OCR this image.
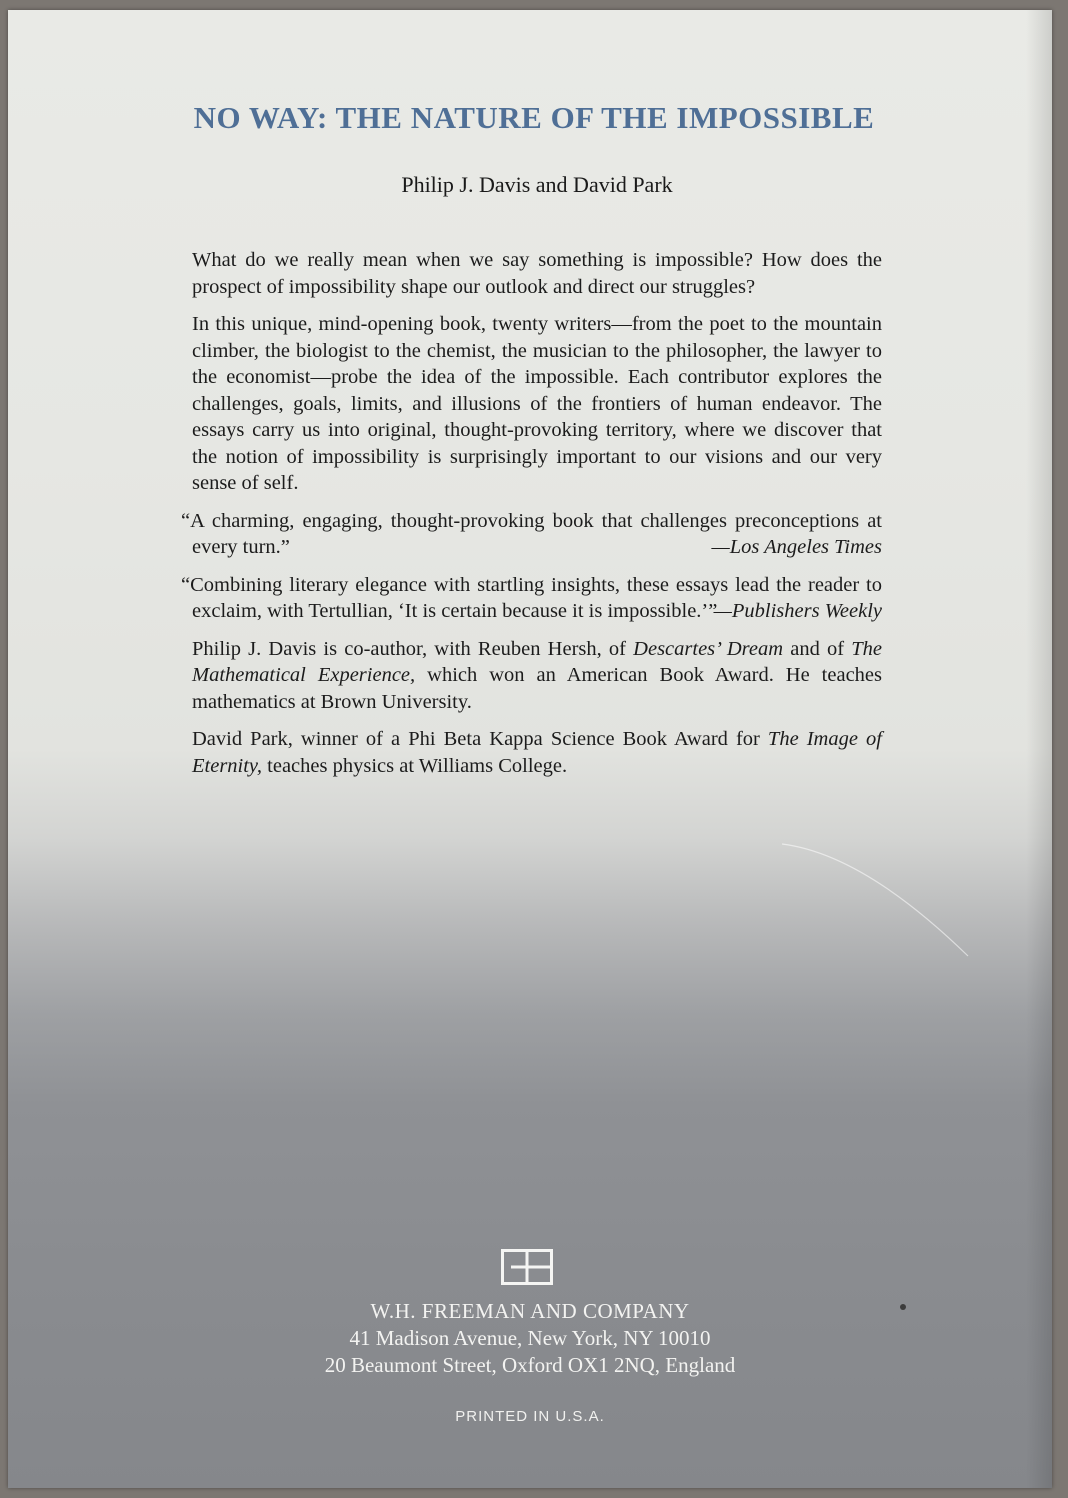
NO WAY: THE NATURE OF THE IMPOSSIBLE

Philip J. Davis and David Park

What do we really mean when we say something is impossible? How does the prospect of impossibility shape our outlook and direct our struggles?

In this unique, mind-opening book, twenty writers—from the poet to the mountain climber, the biologist to the chemist, the musician to the philosopher, the lawyer to the economist—probe the idea of the impossible. Each contributor explores the challenges, goals, limits, and illusions of the frontiers of human endeavor. The essays carry us into original, thought-provoking territory, where we discover that the notion of impossibility is surprisingly important to our visions and our very sense of self.

“A charming, engaging, thought-provoking book that challenges preconceptions at every turn.”	—Los Angeles Times

“Combining literary elegance with startling insights, these essays lead the reader to exclaim, with Tertullian, ‘It is certain because it is impossible.’”
—Publishers Weekly

Philip J. Davis is co-author, with Reuben Hersh, of Descartes’ Dream and of The Mathematical Experience, which won an American Book Award. He teaches mathematics at Brown University.

David Park, winner of a Phi Beta Kappa Science Book Award for The Image of Eternity, teaches physics at Williams College.

W.H. FREEMAN AND COMPANY
41 Madison Avenue, New York, NY 10010
20 Beaumont Street, Oxford OX1 2NQ, England
PRINTED IN U.S.A.
